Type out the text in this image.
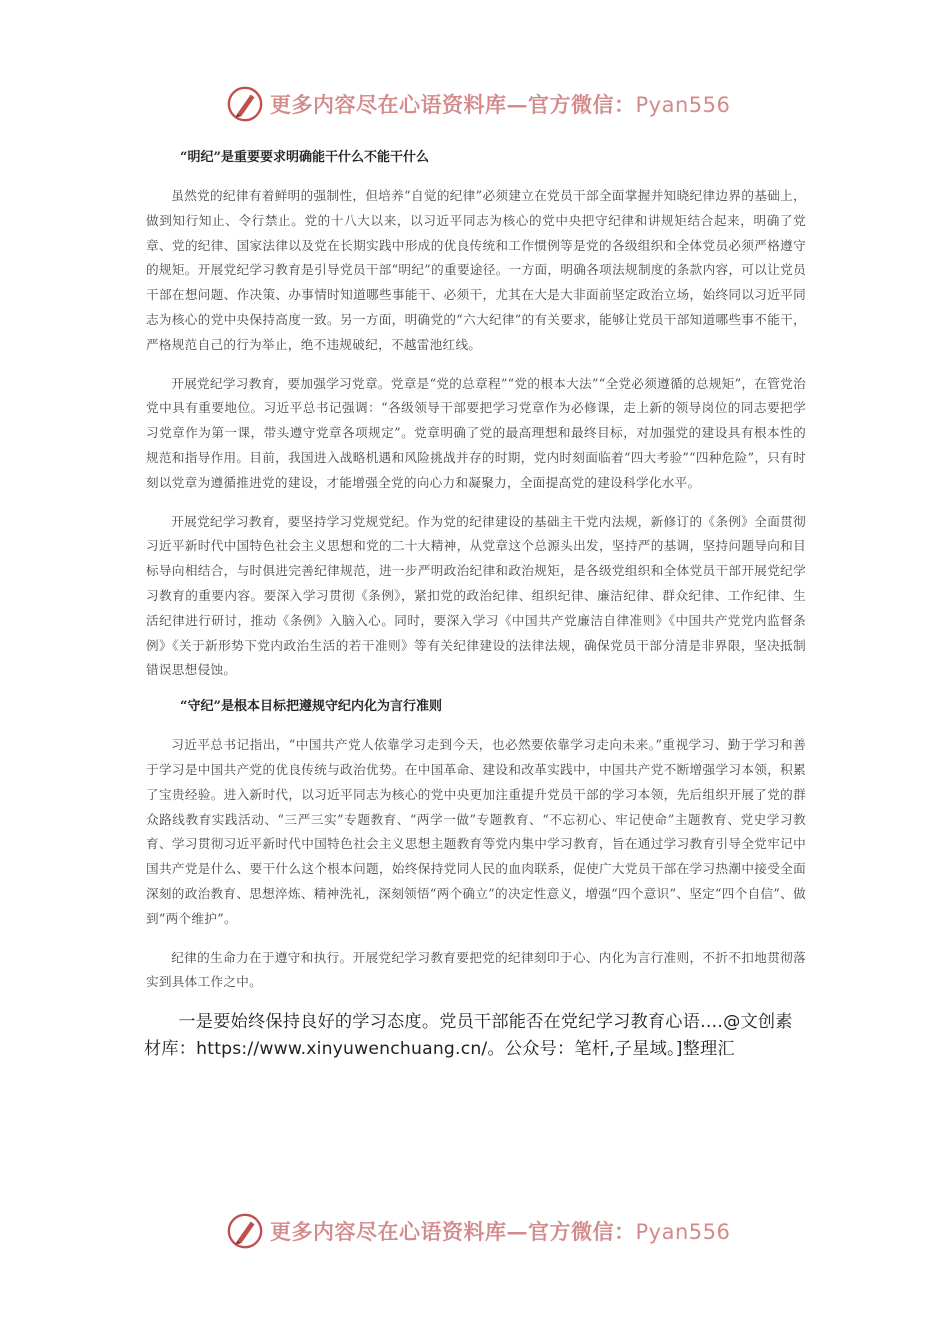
更多内容尽在心语资料库—官方微信：Pyan556

“明纪”是重要要求明确能干什么不能干什么

虽然党的纪律有着鲜明的强制性，但培养“自觉的纪律”必须建立在党员干部全面掌握并知晓纪律边界的基础上，做到知行知止、令行禁止。党的十八大以来，以习近平同志为核心的党中央把守纪律和讲规矩结合起来，明确了党章、党的纪律、国家法律以及党在长期实践中形成的优良传统和工作惯例等是党的各级组织和全体党员必须严格遵守的规矩。开展党纪学习教育是引导党员干部“明纪”的重要途径。一方面，明确各项法规制度的条款内容，可以让党员干部在想问题、作决策、办事情时知道哪些事能干、必须干，尤其在大是大非面前坚定政治立场，始终同以习近平同志为核心的党中央保持高度一致。另一方面，明确党的“六大纪律”的有关要求，能够让党员干部知道哪些事不能干，严格规范自己的行为举止，绝不违规破纪，不越雷池红线。

开展党纪学习教育，要加强学习党章。党章是“党的总章程”“党的根本大法”“全党必须遵循的总规矩”，在管党治党中具有重要地位。习近平总书记强调：“各级领导干部要把学习党章作为必修课，走上新的领导岗位的同志要把学习党章作为第一课，带头遵守党章各项规定”。党章明确了党的最高理想和最终目标，对加强党的建设具有根本性的规范和指导作用。目前，我国进入战略机遇和风险挑战并存的时期，党内时刻面临着“四大考验”“四种危险”，只有时刻以党章为遵循推进党的建设，才能增强全党的向心力和凝聚力，全面提高党的建设科学化水平。

开展党纪学习教育，要坚持学习党规党纪。作为党的纪律建设的基础主干党内法规，新修订的《条例》全面贯彻习近平新时代中国特色社会主义思想和党的二十大精神，从党章这个总源头出发，坚持严的基调，坚持问题导向和目标导向相结合，与时俱进完善纪律规范，进一步严明政治纪律和政治规矩，是各级党组织和全体党员干部开展党纪学习教育的重要内容。要深入学习贯彻《条例》，紧扣党的政治纪律、组织纪律、廉洁纪律、群众纪律、工作纪律、生活纪律进行研讨，推动《条例》入脑入心。同时，要深入学习《中国共产党廉洁自律准则》《中国共产党党内监督条例》《关于新形势下党内政治生活的若干准则》等有关纪律建设的法律法规，确保党员干部分清是非界限，坚决抵制错误思想侵蚀。

“守纪”是根本目标把遵规守纪内化为言行准则

习近平总书记指出，“中国共产党人依靠学习走到今天，也必然要依靠学习走向未来。”重视学习、勤于学习和善于学习是中国共产党的优良传统与政治优势。在中国革命、建设和改革实践中，中国共产党不断增强学习本领，积累了宝贵经验。进入新时代，以习近平同志为核心的党中央更加注重提升党员干部的学习本领，先后组织开展了党的群众路线教育实践活动、“三严三实”专题教育、“两学一做”专题教育、“不忘初心、牢记使命”主题教育、党史学习教育、学习贯彻习近平新时代中国特色社会主义思想主题教育等党内集中学习教育，旨在通过学习教育引导全党牢记中国共产党是什么、要干什么这个根本问题，始终保持党同人民的血肉联系，促使广大党员干部在学习热潮中接受全面深刻的政治教育、思想淬炼、精神洗礼，深刻领悟“两个确立”的决定性意义，增强“四个意识”、坚定“四个自信”、做到“两个维护”。

纪律的生命力在于遵守和执行。开展党纪学习教育要把党的纪律刻印于心、内化为言行准则，不折不扣地贯彻落实到具体工作之中。

一是要始终保持良好的学习态度。党员干部能否在党纪学习教育心语….@文创素材库：https://www.xinyuwenchuang.cn/。公众号：笔杆,子星域。]整理汇

更多内容尽在心语资料库—官方微信：Pyan556
